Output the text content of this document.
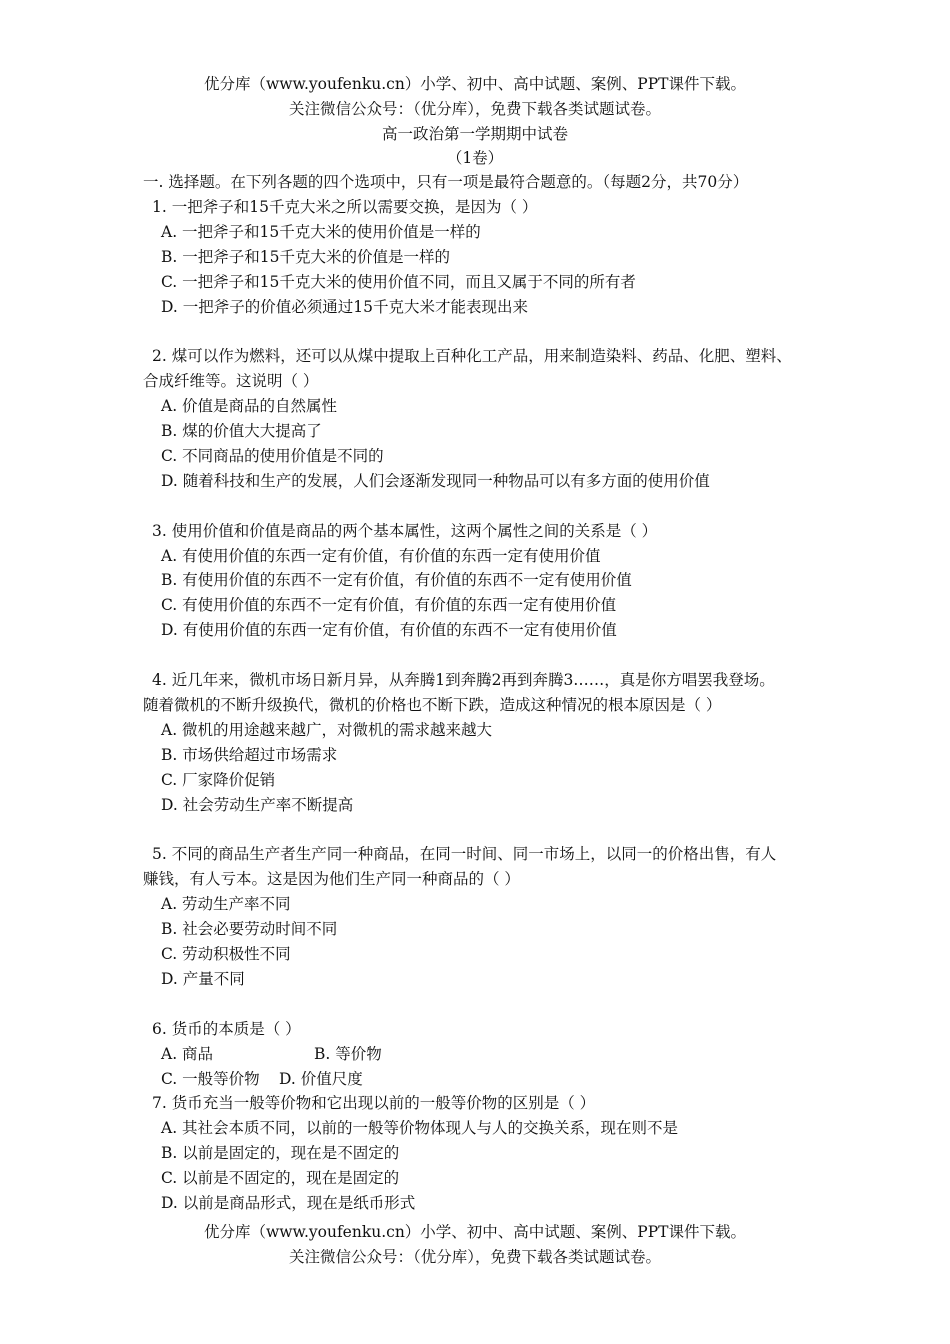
优分库（www.youfenku.cn）小学、初中、高中试题、案例、PPT课件下载。
关注微信公众号：（优分库），免费下载各类试题试卷。
高一政治第一学期期中试卷
（1卷）
一. 选择题。在下列各题的四个选项中，只有一项是最符合题意的。（每题2分，共70分）
1. 一把斧子和15千克大米之所以需要交换，是因为（ ）
A. 一把斧子和15千克大米的使用价值是一样的
B. 一把斧子和15千克大米的价值是一样的
C. 一把斧子和15千克大米的使用价值不同，而且又属于不同的所有者
D. 一把斧子的价值必须通过15千克大米才能表现出来
2. 煤可以作为燃料，还可以从煤中提取上百种化工产品，用来制造染料、药品、化肥、塑料、
合成纤维等。这说明（ ）
A. 价值是商品的自然属性
B. 煤的价值大大提高了
C. 不同商品的使用价值是不同的
D. 随着科技和生产的发展，人们会逐渐发现同一种物品可以有多方面的使用价值
3. 使用价值和价值是商品的两个基本属性，这两个属性之间的关系是（ ）
A. 有使用价值的东西一定有价值，有价值的东西一定有使用价值
B. 有使用价值的东西不一定有价值，有价值的东西不一定有使用价值
C. 有使用价值的东西不一定有价值，有价值的东西一定有使用价值
D. 有使用价值的东西一定有价值，有价值的东西不一定有使用价值
4. 近几年来，微机市场日新月异，从奔腾1到奔腾2再到奔腾3……，真是你方唱罢我登场。
随着微机的不断升级换代，微机的价格也不断下跌，造成这种情况的根本原因是（ ）
A. 微机的用途越来越广，对微机的需求越来越大
B. 市场供给超过市场需求
C. 厂家降价促销
D. 社会劳动生产率不断提高
5. 不同的商品生产者生产同一种商品，在同一时间、同一市场上，以同一的价格出售，有人
赚钱，有人亏本。这是因为他们生产同一种商品的（ ）
A. 劳动生产率不同
B. 社会必要劳动时间不同
C. 劳动积极性不同
D. 产量不同
6. 货币的本质是（ ）
A. 商品	B. 等价物
C. 一般等价物 D. 价值尺度
7. 货币充当一般等价物和它出现以前的一般等价物的区别是（ ）
A. 其社会本质不同，以前的一般等价物体现人与人的交换关系，现在则不是
B. 以前是固定的，现在是不固定的
C. 以前是不固定的，现在是固定的
D. 以前是商品形式，现在是纸币形式
优分库（www.youfenku.cn）小学、初中、高中试题、案例、PPT课件下载。
关注微信公众号：（优分库），免费下载各类试题试卷。
